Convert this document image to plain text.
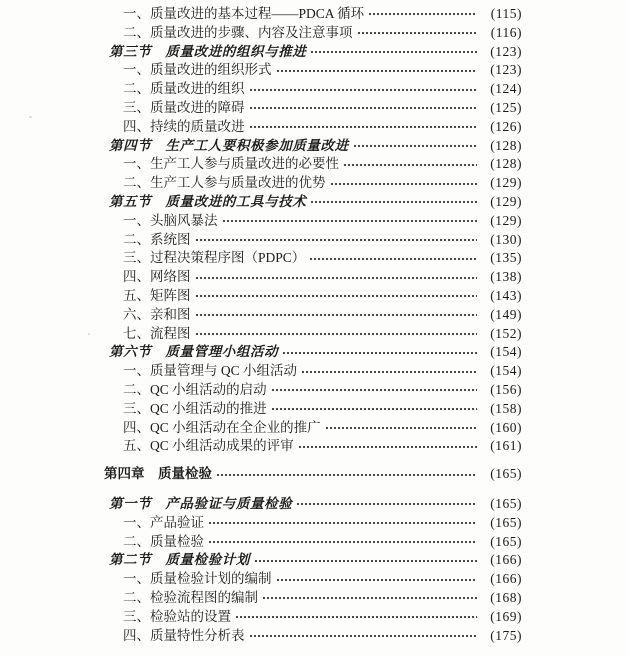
一、质量改进的基本过程——PDCA 循环	(115)
二、质量改进的步骤、内容及注意事项	(116)
第三节　质量改进的组织与推进	(123)
一、质量改进的组织形式	(123)
二、质量改进的组织	(124)
三、质量改进的障碍	(125)
四、持续的质量改进	(126)
第四节　生产工人要积极参加质量改进	(128)
一、生产工人参与质量改进的必要性	(128)
二、生产工人参与质量改进的优势	(129)
第五节　质量改进的工具与技术	(129)
一、头脑风暴法	(129)
二、系统图	(130)
三、过程决策程序图（PDPC）	(135)
四、网络图	(138)
五、矩阵图	(143)
六、亲和图	(149)
七、流程图	(152)
第六节　质量管理小组活动	(154)
一、质量管理与 QC 小组活动	(154)
二、QC 小组活动的启动	(156)
三、QC 小组活动的推进	(158)
四、QC 小组活动在全企业的推广	(160)
五、QC 小组活动成果的评审	(161)
第四章　质量检验	(165)
第一节　产品验证与质量检验	(165)
一、产品验证	(165)
二、质量检验	(165)
第二节　质量检验计划	(166)
一、质量检验计划的编制	(166)
二、检验流程图的编制	(168)
三、检验站的设置	(169)
四、质量特性分析表	(175)
